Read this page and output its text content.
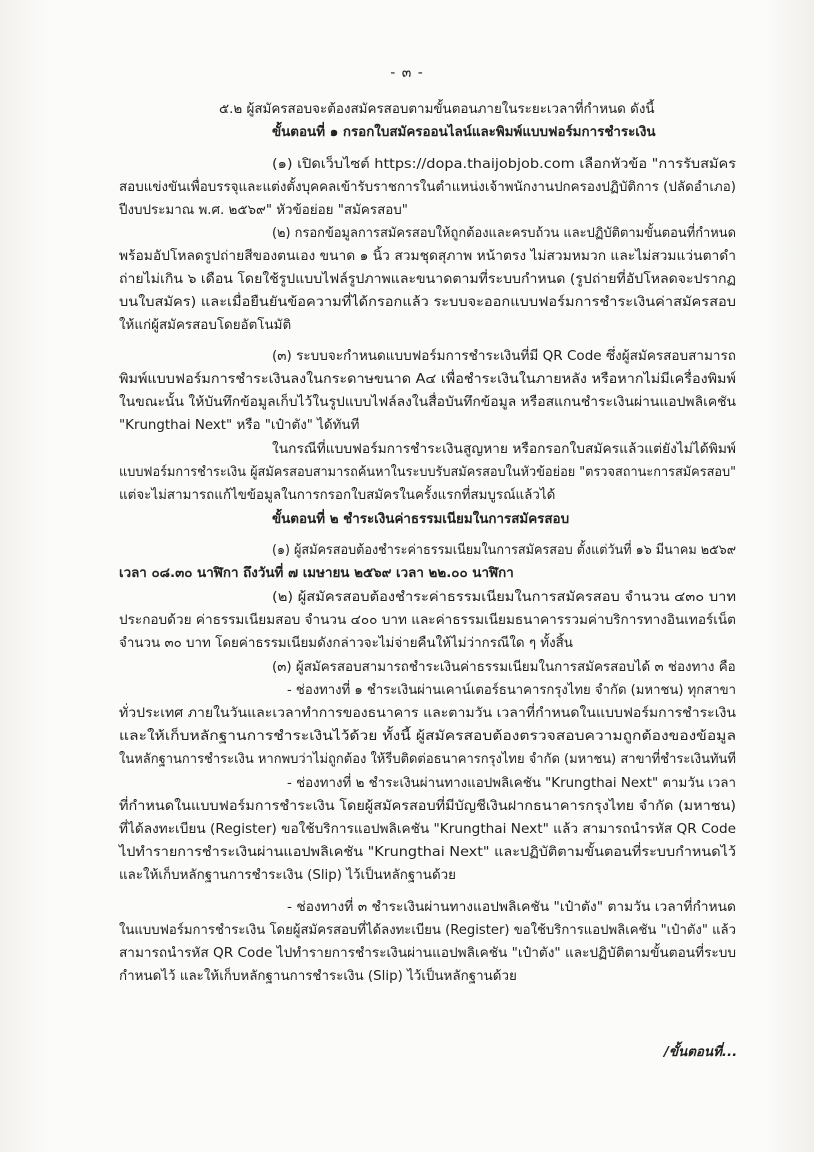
- ๓ -
๕.๒ ผู้สมัครสอบจะต้องสมัครสอบตามขั้นตอนภายในระยะเวลาที่กำหนด ดังนี้
ขั้นตอนที่ ๑ กรอกใบสมัครออนไลน์และพิมพ์แบบฟอร์มการชำระเงิน
(๑) เปิดเว็บไซต์ https://dopa.thaijobjob.com เลือกหัวข้อ "การรับสมัคร
สอบแข่งขันเพื่อบรรจุและแต่งตั้งบุคคลเข้ารับราชการในตำแหน่งเจ้าพนักงานปกครองปฏิบัติการ (ปลัดอำเภอ)
ปีงบประมาณ พ.ศ. ๒๕๖๙" หัวข้อย่อย "สมัครสอบ"
(๒) กรอกข้อมูลการสมัครสอบให้ถูกต้องและครบถ้วน และปฏิบัติตามขั้นตอนที่กำหนด
พร้อมอัปโหลดรูปถ่ายสีของตนเอง ขนาด ๑ นิ้ว สวมชุดสุภาพ หน้าตรง ไม่สวมหมวก และไม่สวมแว่นตาดำ
ถ่ายไม่เกิน ๖ เดือน โดยใช้รูปแบบไฟล์รูปภาพและขนาดตามที่ระบบกำหนด (รูปถ่ายที่อัปโหลดจะปรากฏ
บนใบสมัคร) และเมื่อยืนยันข้อความที่ได้กรอกแล้ว ระบบจะออกแบบฟอร์มการชำระเงินค่าสมัครสอบ
ให้แก่ผู้สมัครสอบโดยอัตโนมัติ
(๓) ระบบจะกำหนดแบบฟอร์มการชำระเงินที่มี QR Code ซึ่งผู้สมัครสอบสามารถ
พิมพ์แบบฟอร์มการชำระเงินลงในกระดาษขนาด A๔ เพื่อชำระเงินในภายหลัง หรือหากไม่มีเครื่องพิมพ์
ในขณะนั้น ให้บันทึกข้อมูลเก็บไว้ในรูปแบบไฟล์ลงในสื่อบันทึกข้อมูล หรือสแกนชำระเงินผ่านแอปพลิเคชัน
"Krungthai Next" หรือ "เป๋าตัง" ได้ทันที
ในกรณีที่แบบฟอร์มการชำระเงินสูญหาย หรือกรอกใบสมัครแล้วแต่ยังไม่ได้พิมพ์
แบบฟอร์มการชำระเงิน ผู้สมัครสอบสามารถค้นหาในระบบรับสมัครสอบในหัวข้อย่อย "ตรวจสถานะการสมัครสอบ"
แต่จะไม่สามารถแก้ไขข้อมูลในการกรอกใบสมัครในครั้งแรกที่สมบูรณ์แล้วได้
ขั้นตอนที่ ๒ ชำระเงินค่าธรรมเนียมในการสมัครสอบ
(๑) ผู้สมัครสอบต้องชำระค่าธรรมเนียมในการสมัครสอบ ตั้งแต่วันที่ ๑๖ มีนาคม ๒๕๖๙
เวลา ๐๘.๓๐ นาฬิกา ถึงวันที่ ๗ เมษายน ๒๕๖๙ เวลา ๒๒.๐๐ นาฬิกา
(๒) ผู้สมัครสอบต้องชำระค่าธรรมเนียมในการสมัครสอบ จำนวน ๔๓๐ บาท
ประกอบด้วย ค่าธรรมเนียมสอบ จำนวน ๔๐๐ บาท และค่าธรรมเนียมธนาคารรวมค่าบริการทางอินเทอร์เน็ต
จำนวน ๓๐ บาท โดยค่าธรรมเนียมดังกล่าวจะไม่จ่ายคืนให้ไม่ว่ากรณีใด ๆ ทั้งสิ้น
(๓) ผู้สมัครสอบสามารถชำระเงินค่าธรรมเนียมในการสมัครสอบได้ ๓ ช่องทาง คือ
- ช่องทางที่ ๑ ชำระเงินผ่านเคาน์เตอร์ธนาคารกรุงไทย จำกัด (มหาชน) ทุกสาขา
ทั่วประเทศ ภายในวันและเวลาทำการของธนาคาร และตามวัน เวลาที่กำหนดในแบบฟอร์มการชำระเงิน
และให้เก็บหลักฐานการชำระเงินไว้ด้วย ทั้งนี้ ผู้สมัครสอบต้องตรวจสอบความถูกต้องของข้อมูล
ในหลักฐานการชำระเงิน หากพบว่าไม่ถูกต้อง ให้รีบติดต่อธนาคารกรุงไทย จำกัด (มหาชน) สาขาที่ชำระเงินทันที
- ช่องทางที่ ๒ ชำระเงินผ่านทางแอปพลิเคชัน "Krungthai Next" ตามวัน เวลา
ที่กำหนดในแบบฟอร์มการชำระเงิน โดยผู้สมัครสอบที่มีบัญชีเงินฝากธนาคารกรุงไทย จำกัด (มหาชน)
ที่ได้ลงทะเบียน (Register) ขอใช้บริการแอปพลิเคชัน "Krungthai Next" แล้ว สามารถนำรหัส QR Code
ไปทำรายการชำระเงินผ่านแอปพลิเคชัน "Krungthai Next" และปฏิบัติตามขั้นตอนที่ระบบกำหนดไว้
และให้เก็บหลักฐานการชำระเงิน (Slip) ไว้เป็นหลักฐานด้วย
- ช่องทางที่ ๓ ชำระเงินผ่านทางแอปพลิเคชัน "เป๋าตัง" ตามวัน เวลาที่กำหนด
ในแบบฟอร์มการชำระเงิน โดยผู้สมัครสอบที่ได้ลงทะเบียน (Register) ขอใช้บริการแอปพลิเคชัน "เป๋าตัง" แล้ว
สามารถนำรหัส QR Code ไปทำรายการชำระเงินผ่านแอปพลิเคชัน "เป๋าตัง" และปฏิบัติตามขั้นตอนที่ระบบ
กำหนดไว้ และให้เก็บหลักฐานการชำระเงิน (Slip) ไว้เป็นหลักฐานด้วย
/ขั้นตอนที่...
